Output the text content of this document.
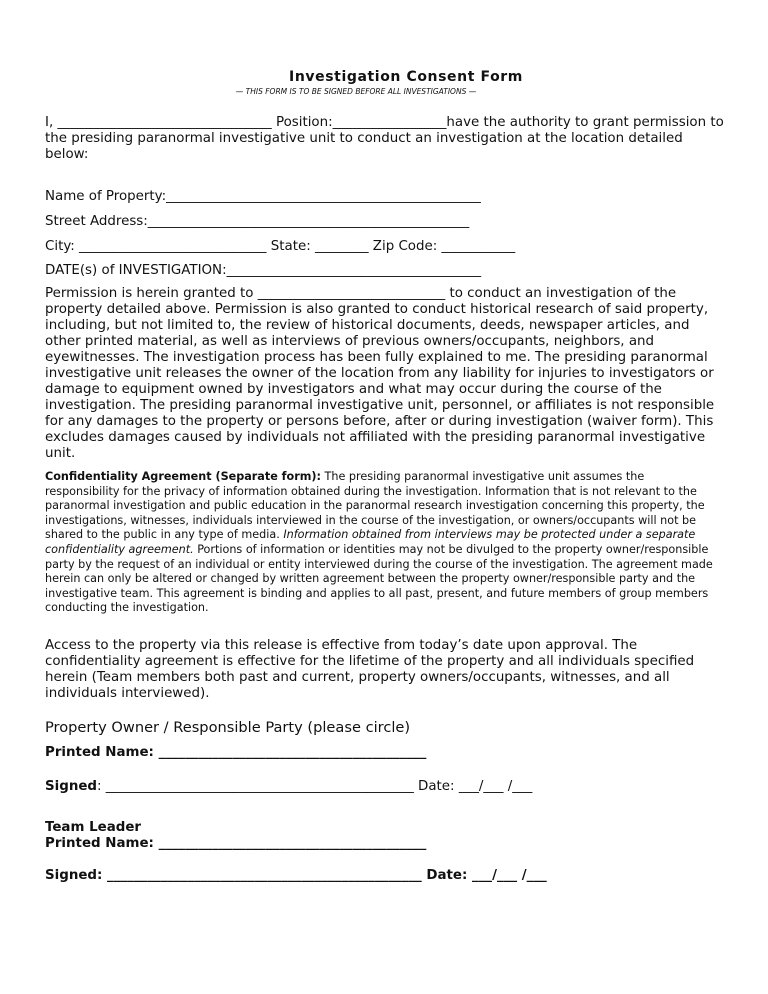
Investigation Consent Form
— THIS FORM IS TO BE SIGNED BEFORE ALL INVESTIGATIONS —

I, ________________________________ Position:_________________have the authority to grant permission to the presiding paranormal investigative unit to conduct an investigation at the location detailed below:

Name of Property:_______________________________________________
Street Address:________________________________________________
City: ____________________________ State: ________ Zip Code: ___________
DATE(s) of INVESTIGATION:______________________________________

Permission is herein granted to ____________________________ to conduct an investigation of the property detailed above. Permission is also granted to conduct historical research of said property, including, but not limited to, the review of historical documents, deeds, newspaper articles, and other printed material, as well as interviews of previous owners/occupants, neighbors, and eyewitnesses. The investigation process has been fully explained to me. The presiding paranormal investigative unit releases the owner of the location from any liability for injuries to investigators or damage to equipment owned by investigators and what may occur during the course of the investigation. The presiding paranormal investigative unit, personnel, or affiliates is not responsible for any damages to the property or persons before, after or during investigation (waiver form). This excludes damages caused by individuals not affiliated with the presiding paranormal investigative unit.

Confidentiality Agreement (Separate form): The presiding paranormal investigative unit assumes the responsibility for the privacy of information obtained during the investigation. Information that is not relevant to the paranormal investigation and public education in the paranormal research investigation concerning this property, the investigations, witnesses, individuals interviewed in the course of the investigation, or owners/occupants will not be shared to the public in any type of media. Information obtained from interviews may be protected under a separate confidentiality agreement. Portions of information or identities may not be divulged to the property owner/responsible party by the request of an individual or entity interviewed during the course of the investigation. The agreement made herein can only be altered or changed by written agreement between the property owner/responsible party and the investigative team. This agreement is binding and applies to all past, present, and future members of group members conducting the investigation.

Access to the property via this release is effective from today’s date upon approval. The confidentiality agreement is effective for the lifetime of the property and all individuals specified herein (Team members both past and current, property owners/occupants, witnesses, and all individuals interviewed).

Property Owner / Responsible Party (please circle)
Printed Name: ________________________________________
Signed: ______________________________________________ Date: ___/___ /___
Team Leader
Printed Name: ________________________________________
Signed: _______________________________________________ Date: ___/___ /___
